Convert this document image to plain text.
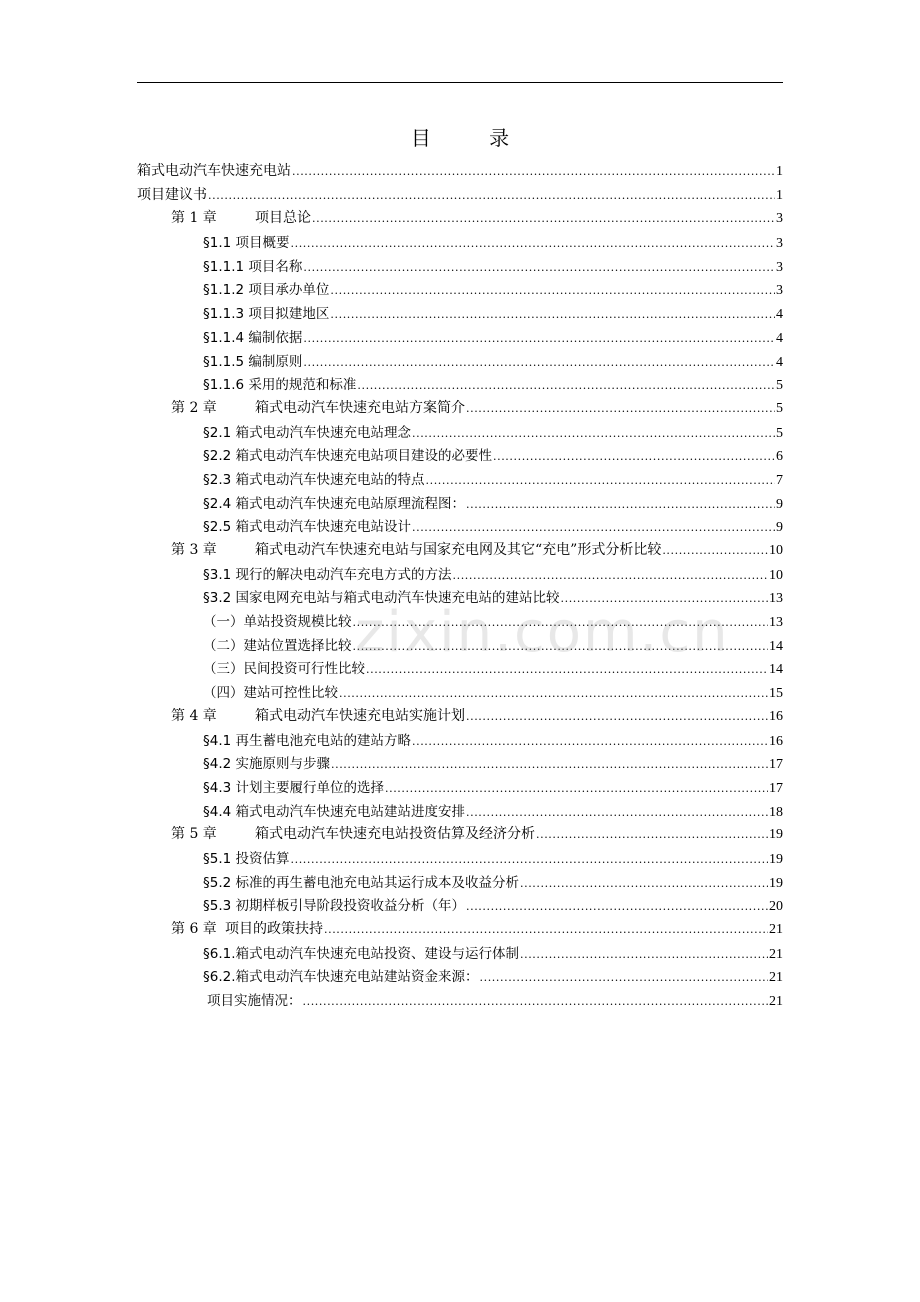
目 录
箱式电动汽车快速充电站 .....	1
项目建议书 .....	1
第 1 章	项目总论 .....	3
§1.1 项目概要 .....	3
§1.1.1 项目名称 .....	3
§1.1.2 项目承办单位 .....	3
§1.1.3 项目拟建地区 .....	4
§1.1.4 编制依据 .....	4
§1.1.5 编制原则 .....	4
§1.1.6 采用的规范和标准 .....	5
第 2 章	箱式电动汽车快速充电站方案简介 .....	5
§2.1 箱式电动汽车快速充电站理念 .....	5
§2.2 箱式电动汽车快速充电站项目建设的必要性 .....	6
§2.3 箱式电动汽车快速充电站的特点 .....	7
§2.4 箱式电动汽车快速充电站原理流程图： .....	9
§2.5 箱式电动汽车快速充电站设计 .....	9
第 3 章	箱式电动汽车快速充电站与国家充电网及其它“充电”形式分析比较 .....	10
§3.1 现行的解决电动汽车充电方式的方法 .....	10
§3.2 国家电网充电站与箱式电动汽车快速充电站的建站比较 .....	13
（一）单站投资规模比较 .....	13
（二）建站位置选择比较 .....	14
（三）民间投资可行性比较 .....	14
（四）建站可控性比较 .....	15
第 4 章	箱式电动汽车快速充电站实施计划 .....	16
§4.1 再生蓄电池充电站的建站方略 .....	16
§4.2 实施原则与步骤 .....	17
§4.3 计划主要履行单位的选择 .....	17
§4.4 箱式电动汽车快速充电站建站进度安排 .....	18
第 5 章	箱式电动汽车快速充电站投资估算及经济分析 .....	19
§5.1 投资估算 .....	19
§5.2 标准的再生蓄电池充电站其运行成本及收益分析 .....	19
§5.3 初期样板引导阶段投资收益分析（年） .....	20
第 6 章 项目的政策扶持 .....	21
§6.1.箱式电动汽车快速充电站投资、建设与运行体制 .....	21
§6.2.箱式电动汽车快速充电站建站资金来源： .....	21
项目实施情况： .....	21
zixin.com.cn
